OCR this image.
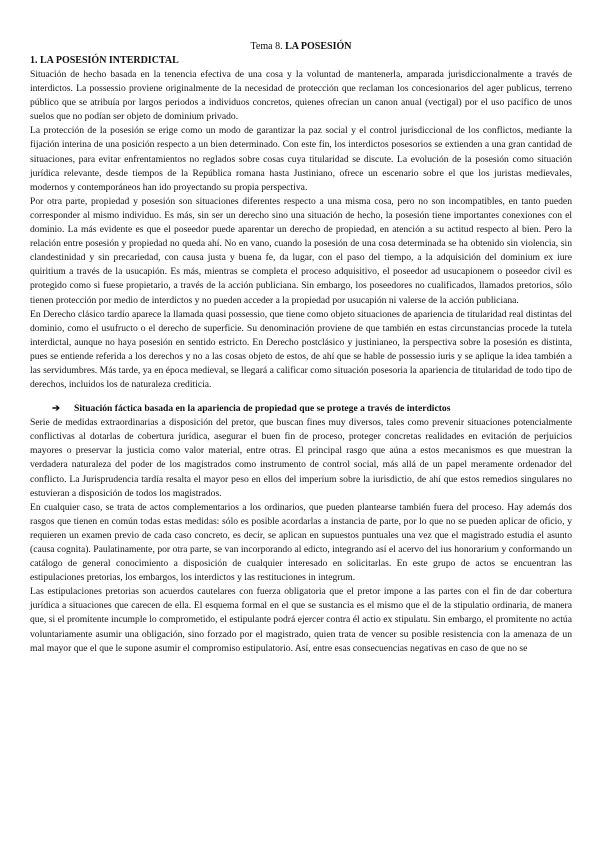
Tema 8. LA POSESIÓN

1. LA POSESIÓN INTERDICTAL

Situación de hecho basada en la tenencia efectiva de una cosa y la voluntad de mantenerla, amparada jurisdiccionalmente a través de interdictos. La possessio proviene originalmente de la necesidad de protección que reclaman los concesionarios del ager publicus, terreno público que se atribuía por largos periodos a individuos concretos, quienes ofrecían un canon anual (vectigal) por el uso pacífico de unos suelos que no podían ser objeto de dominium privado.

La protección de la posesión se erige como un modo de garantizar la paz social y el control jurisdiccional de los conflictos, mediante la fijación interina de una posición respecto a un bien determinado. Con este fin, los interdictos posesorios se extienden a una gran cantidad de situaciones, para evitar enfrentamientos no reglados sobre cosas cuya titularidad se discute. La evolución de la posesión como situación jurídica relevante, desde tiempos de la República romana hasta Justiniano, ofrece un escenario sobre el que los juristas medievales, modernos y contemporáneos han ido proyectando su propia perspectiva.

Por otra parte, propiedad y posesión son situaciones diferentes respecto a una misma cosa, pero no son incompatibles, en tanto pueden corresponder al mismo individuo. Es más, sin ser un derecho sino una situación de hecho, la posesión tiene importantes conexiones con el dominio. La más evidente es que el poseedor puede aparentar un derecho de propiedad, en atención a su actitud respecto al bien. Pero la relación entre posesión y propiedad no queda ahí. No en vano, cuando la posesión de una cosa determinada se ha obtenido sin violencia, sin clandestinidad y sin precariedad, con causa justa y buena fe, da lugar, con el paso del tiempo, a la adquisición del dominium ex iure quiritium a través de la usucapión. Es más, mientras se completa el proceso adquisitivo, el poseedor ad usucapionem o poseedor civil es protegido como si fuese propietario, a través de la acción publiciana. Sin embargo, los poseedores no cualificados, llamados pretorios, sólo tienen protección por medio de interdictos y no pueden acceder a la propiedad por usucapión ni valerse de la acción publiciana.

En Derecho clásico tardío aparece la llamada quasi possessio, que tiene como objeto situaciones de apariencia de titularidad real distintas del dominio, como el usufructo o el derecho de superficie. Su denominación proviene de que también en estas circunstancias procede la tutela interdictal, aunque no haya posesión en sentido estricto. En Derecho postclásico y justinianeo, la perspectiva sobre la posesión es distinta, pues se entiende referida a los derechos y no a las cosas objeto de estos, de ahí que se hable de possessio iuris y se aplique la idea también a las servidumbres. Más tarde, ya en época medieval, se llegará a calificar como situación posesoria la apariencia de titularidad de todo tipo de derechos, incluidos los de naturaleza crediticia.

➔ Situación fáctica basada en la apariencia de propiedad que se protege a través de interdictos

Serie de medidas extraordinarias a disposición del pretor, que buscan fines muy diversos, tales como prevenir situaciones potencialmente conflictivas al dotarlas de cobertura jurídica, asegurar el buen fin de proceso, proteger concretas realidades en evitación de perjuicios mayores o preservar la justicia como valor material, entre otras. El principal rasgo que aúna a estos mecanismos es que muestran la verdadera naturaleza del poder de los magistrados como instrumento de control social, más allá de un papel meramente ordenador del conflicto. La Jurisprudencia tardía resalta el mayor peso en ellos del imperium sobre la iurisdictio, de ahí que estos remedios singulares no estuvieran a disposición de todos los magistrados.

En cualquier caso, se trata de actos complementarios a los ordinarios, que pueden plantearse también fuera del proceso. Hay además dos rasgos que tienen en común todas estas medidas: sólo es posible acordarlas a instancia de parte, por lo que no se pueden aplicar de oficio, y requieren un examen previo de cada caso concreto, es decir, se aplican en supuestos puntuales una vez que el magistrado estudia el asunto (causa cognita). Paulatinamente, por otra parte, se van incorporando al edicto, integrando así el acervo del ius honorarium y conformando un catálogo de general conocimiento a disposición de cualquier interesado en solicitarlas. En este grupo de actos se encuentran las estipulaciones pretorias, los embargos, los interdictos y las restituciones in integrum.

Las estipulaciones pretorias son acuerdos cautelares con fuerza obligatoria que el pretor impone a las partes con el fin de dar cobertura jurídica a situaciones que carecen de ella. El esquema formal en el que se sustancia es el mismo que el de la stipulatio ordinaria, de manera que, si el promitente incumple lo comprometido, el estipulante podrá ejercer contra él actio ex stipulatu. Sin embargo, el promitente no actúa voluntariamente asumir una obligación, sino forzado por el magistrado, quien trata de vencer su posible resistencia con la amenaza de un mal mayor que el que le supone asumir el compromiso estipulatorio. Así, entre esas consecuencias negativas en caso de que no se
